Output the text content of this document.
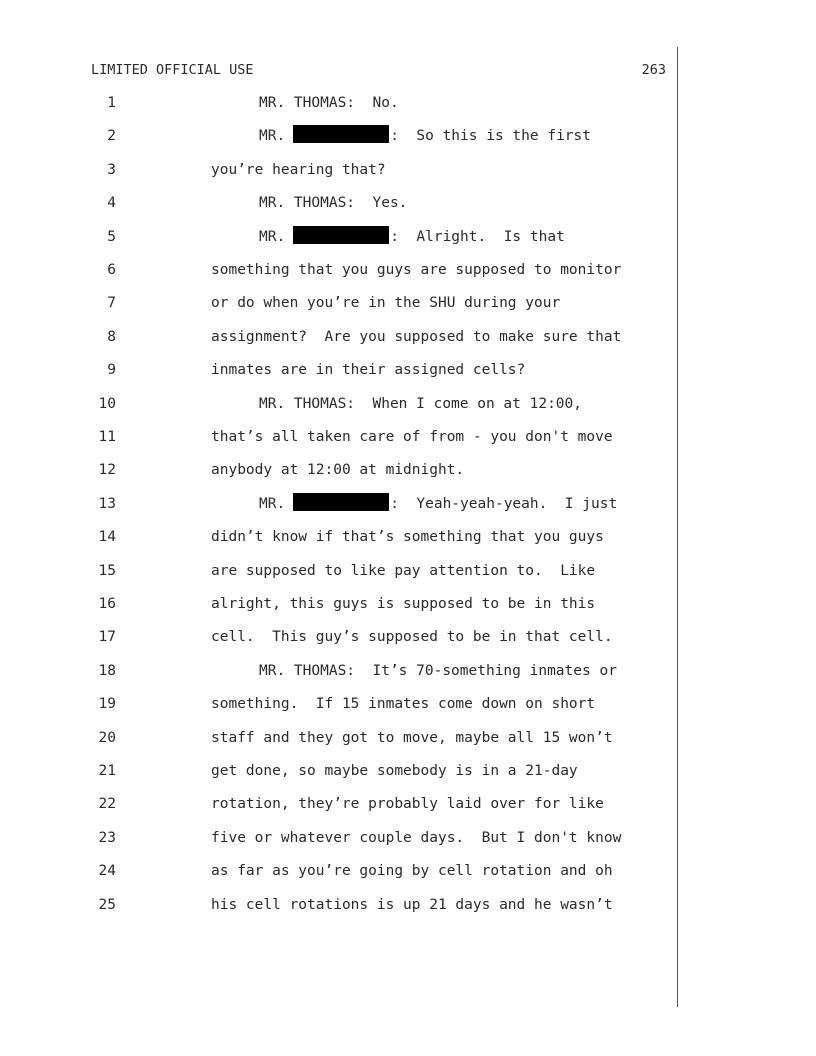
LIMITED OFFICIAL USE	263
1	MR. THOMAS:  No.
2	MR.	:  So this is the first
3	you’re hearing that?
4	MR. THOMAS:  Yes.
5	MR.	:  Alright.  Is that
6	something that you guys are supposed to monitor
7	or do when you’re in the SHU during your
8	assignment?  Are you supposed to make sure that
9	inmates are in their assigned cells?
10	MR. THOMAS:  When I come on at 12:00,
11	that’s all taken care of from - you don't move
12	anybody at 12:00 at midnight.
13	MR.	:  Yeah-yeah-yeah.  I just
14	didn’t know if that’s something that you guys
15	are supposed to like pay attention to.  Like
16	alright, this guys is supposed to be in this
17	cell.  This guy’s supposed to be in that cell.
18	MR. THOMAS:  It’s 70-something inmates or
19	something.  If 15 inmates come down on short
20	staff and they got to move, maybe all 15 won’t
21	get done, so maybe somebody is in a 21-day
22	rotation, they’re probably laid over for like
23	five or whatever couple days.  But I don't know
24	as far as you’re going by cell rotation and oh
25	his cell rotations is up 21 days and he wasn’t
